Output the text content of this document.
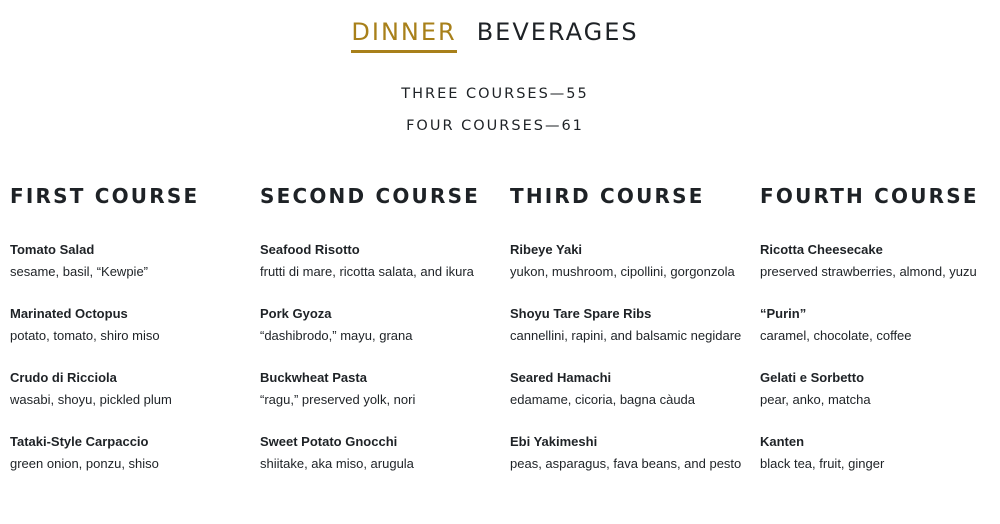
DINNER BEVERAGES
THREE COURSES—55
FOUR COURSES—61
FIRST COURSE
Tomato Salad
sesame, basil, “Kewpie”
Marinated Octopus
potato, tomato, shiro miso
Crudo di Ricciola
wasabi, shoyu, pickled plum
Tataki-Style Carpaccio
green onion, ponzu, shiso
SECOND COURSE
Seafood Risotto
frutti di mare, ricotta salata, and ikura
Pork Gyoza
“dashibrodo,” mayu, grana
Buckwheat Pasta
“ragu,” preserved yolk, nori
Sweet Potato Gnocchi
shiitake, aka miso, arugula
THIRD COURSE
Ribeye Yaki
yukon, mushroom, cipollini, gorgonzola
Shoyu Tare Spare Ribs
cannellini, rapini, and balsamic negidare
Seared Hamachi
edamame, cicoria, bagna càuda
Ebi Yakimeshi
peas, asparagus, fava beans, and pesto
FOURTH COURSE
Ricotta Cheesecake
preserved strawberries, almond, yuzu
“Purin”
caramel, chocolate, coffee
Gelati e Sorbetto
pear, anko, matcha
Kanten
black tea, fruit, ginger
